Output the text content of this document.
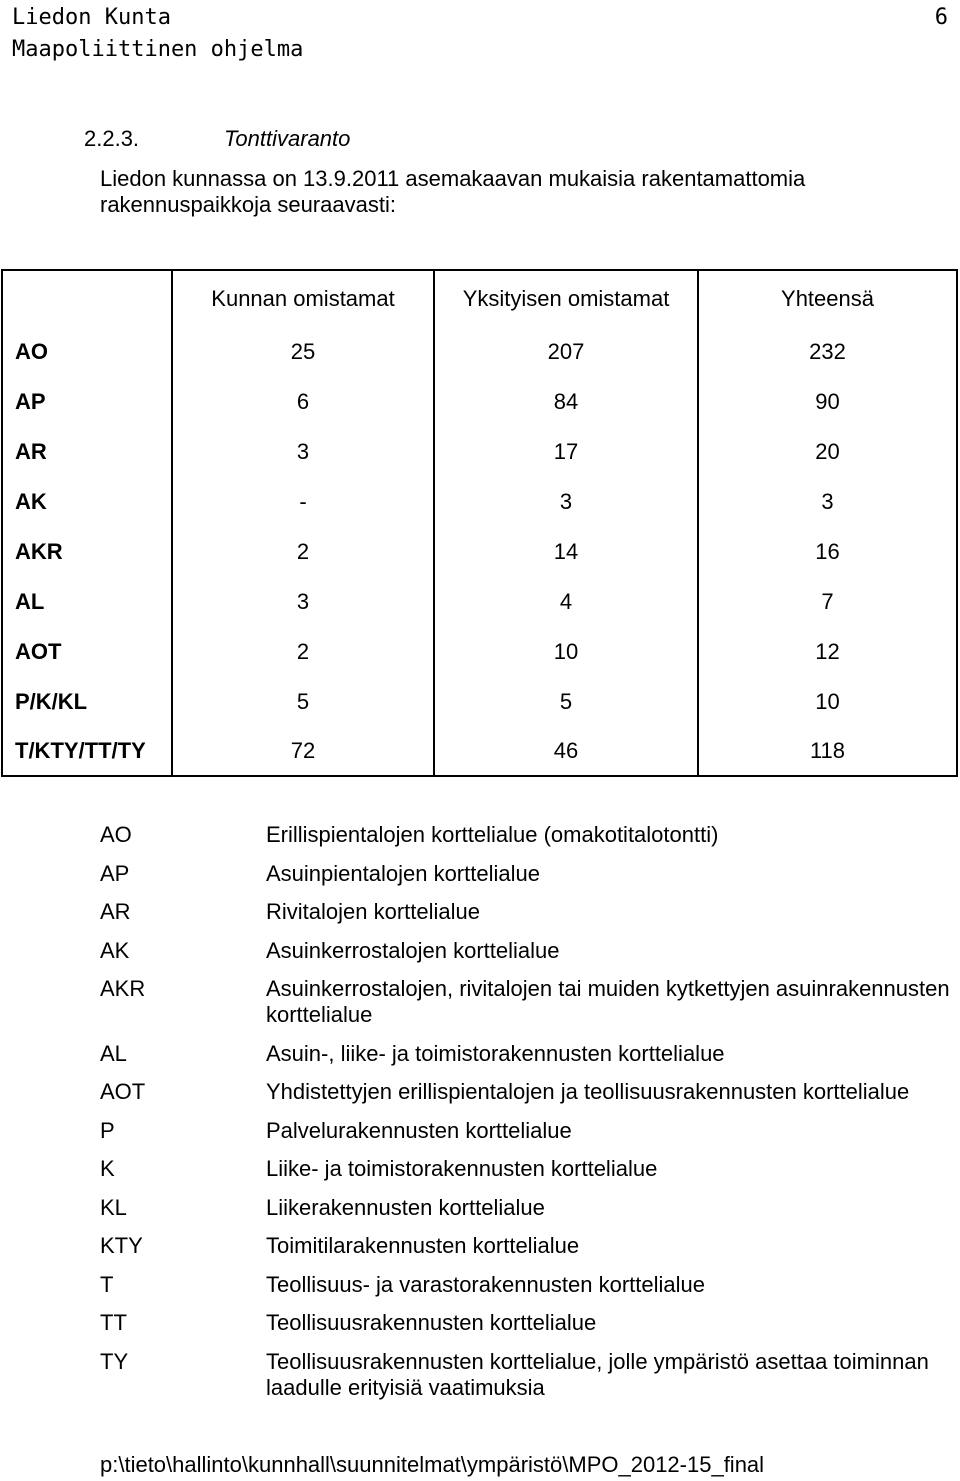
Liedon Kunta
Maapoliittinen ohjelma
6
2.2.3.	Tonttivaranto
Liedon kunnassa on 13.9.2011 asemakaavan mukaisia rakentamattomia rakennuspaikkoja seuraavasti:
	Kunnan omistamat	Yksityisen omistamat	Yhteensä
AO	25	207	232
AP	6	84	90
AR	3	17	20
AK	-	3	3
AKR	2	14	16
AL	3	4	7
AOT	2	10	12
P/K/KL	5	5	10
T/KTY/TT/TY	72	46	118
AO	Erillispientalojen korttelialue (omakotitalotontti)
AP	Asuinpientalojen korttelialue
AR	Rivitalojen korttelialue
AK	Asuinkerrostalojen korttelialue
AKR	Asuinkerrostalojen, rivitalojen tai muiden kytkettyjen asuinrakennusten korttelialue
AL	Asuin-, liike- ja toimistorakennusten korttelialue
AOT	Yhdistettyjen erillispientalojen ja teollisuusrakennusten korttelialue
P	Palvelurakennusten korttelialue
K	Liike- ja toimistorakennusten korttelialue
KL	Liikerakennusten korttelialue
KTY	Toimitilarakennusten korttelialue
T	Teollisuus- ja varastorakennusten korttelialue
TT	Teollisuusrakennusten korttelialue
TY	Teollisuusrakennusten korttelialue, jolle ympäristö asettaa toiminnan laadulle erityisiä vaatimuksia
p:\tieto\hallinto\kunnhall\suunnitelmat\ympäristö\MPO_2012-15_final
